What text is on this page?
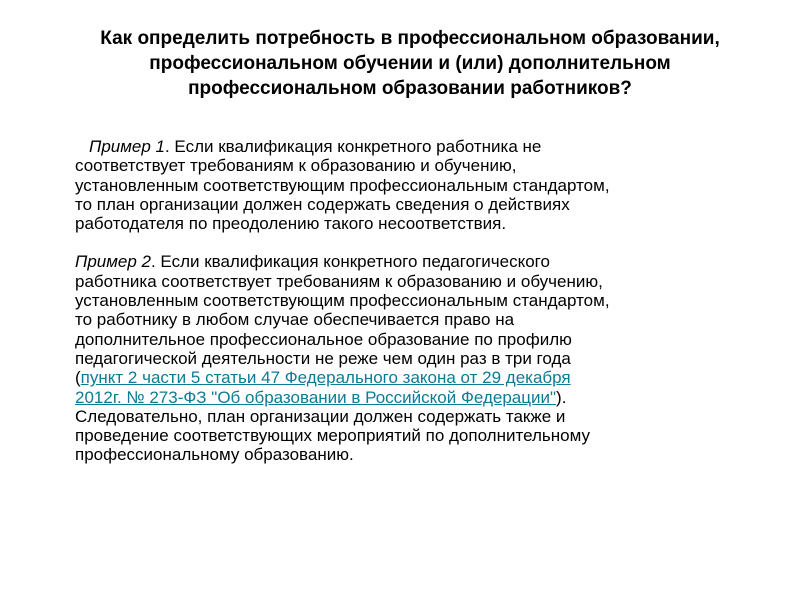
Как определить потребность в профессиональном образовании,
профессиональном обучении и (или) дополнительном
профессиональном образовании работников?

Пример 1. Если квалификация конкретного работника не
соответствует требованиям к образованию и обучению,
установленным соответствующим профессиональным стандартом,
то план организации должен содержать сведения о действиях
работодателя по преодолению такого несоответствия.

Пример 2. Если квалификация конкретного педагогического
работника соответствует требованиям к образованию и обучению,
установленным соответствующим профессиональным стандартом,
то работнику в любом случае обеспечивается право на
дополнительное профессиональное образование по профилю
педагогической деятельности не реже чем один раз в три года
(пункт 2 части 5 статьи 47 Федерального закона от 29 декабря
2012г. № 273-ФЗ "Об образовании в Российской Федерации").
Следовательно, план организации должен содержать также и
проведение соответствующих мероприятий по дополнительному
профессиональному образованию.
